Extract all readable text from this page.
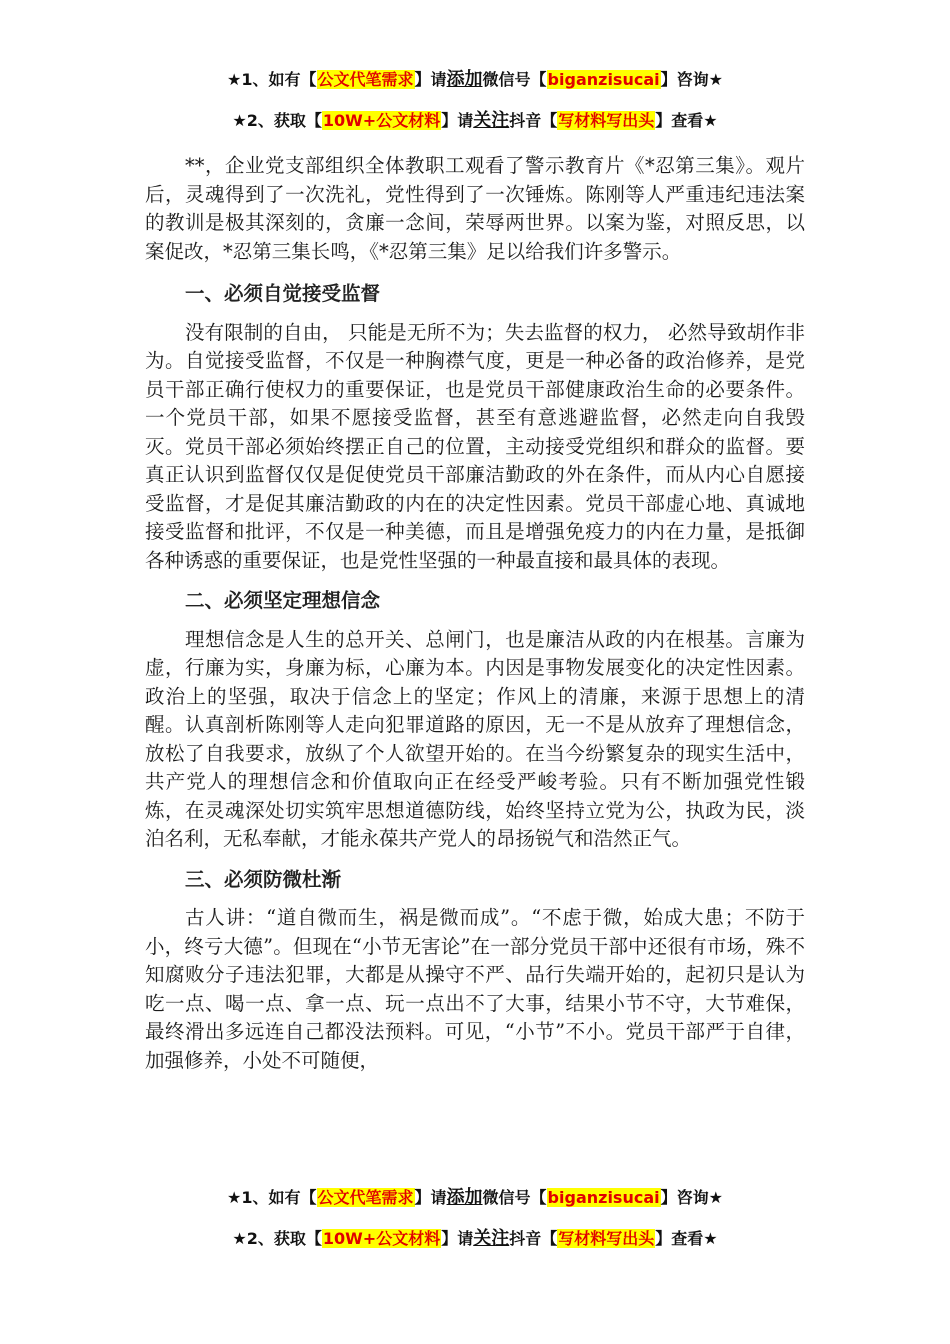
★1、如有【公文代笔需求】请添加微信号【biganzisucai】咨询★
★2、获取【10W+公文材料】请关注抖音【写材料写出头】查看★

**，企业党支部组织全体教职工观看了警示教育片《*忍第三集》。观片后，灵魂得到了一次洗礼，党性得到了一次锤炼。陈刚等人严重违纪违法案的教训是极其深刻的，贪廉一念间，荣辱两世界。以案为鉴，对照反思，以案促改，*忍第三集长鸣，《*忍第三集》足以给我们许多警示。

一、必须自觉接受监督

没有限制的自由， 只能是无所不为；失去监督的权力， 必然导致胡作非为。自觉接受监督，不仅是一种胸襟气度，更是一种必备的政治修养，是党员干部正确行使权力的重要保证，也是党员干部健康政治生命的必要条件。一个党员干部，如果不愿接受监督，甚至有意逃避监督，必然走向自我毁灭。党员干部必须始终摆正自己的位置，主动接受党组织和群众的监督。要真正认识到监督仅仅是促使党员干部廉洁勤政的外在条件，而从内心自愿接受监督，才是促其廉洁勤政的内在的决定性因素。党员干部虚心地、真诚地接受监督和批评，不仅是一种美德，而且是增强免疫力的内在力量，是抵御各种诱惑的重要保证，也是党性坚强的一种最直接和最具体的表现。

二、必须坚定理想信念

理想信念是人生的总开关、总闸门，也是廉洁从政的内在根基。言廉为虚，行廉为实，身廉为标，心廉为本。内因是事物发展变化的决定性因素。政治上的坚强，取决于信念上的坚定；作风上的清廉，来源于思想上的清醒。认真剖析陈刚等人走向犯罪道路的原因，无一不是从放弃了理想信念，放松了自我要求，放纵了个人欲望开始的。在当今纷繁复杂的现实生活中，共产党人的理想信念和价值取向正在经受严峻考验。只有不断加强党性锻炼，在灵魂深处切实筑牢思想道德防线，始终坚持立党为公，执政为民，淡泊名利，无私奉献，才能永葆共产党人的昂扬锐气和浩然正气。

三、必须防微杜渐

古人讲：“道自微而生，祸是微而成”。“不虑于微，始成大患；不防于小，终亏大德”。但现在“小节无害论”在一部分党员干部中还很有市场，殊不知腐败分子违法犯罪，大都是从操守不严、品行失端开始的，起初只是认为吃一点、喝一点、拿一点、玩一点出不了大事，结果小节不守，大节难保，最终滑出多远连自己都没法预料。可见，“小节”不小。党员干部严于自律，加强修养，小处不可随便，

★1、如有【公文代笔需求】请添加微信号【biganzisucai】咨询★
★2、获取【10W+公文材料】请关注抖音【写材料写出头】查看★
